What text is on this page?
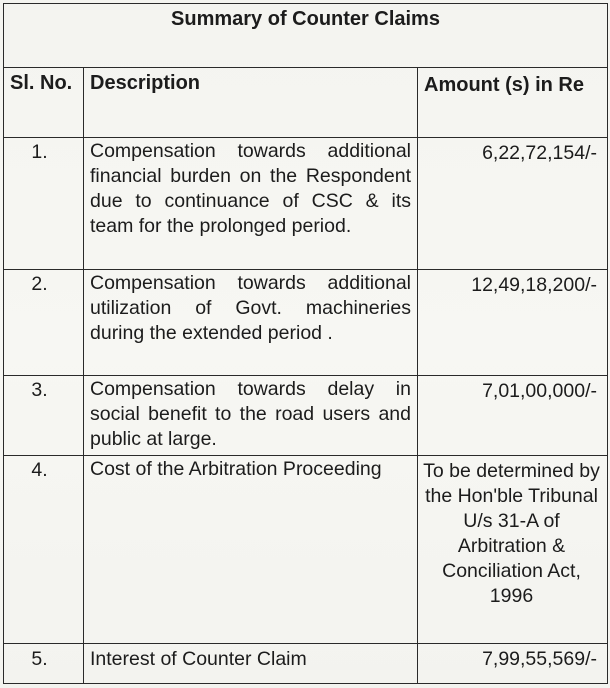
Summary of Counter Claims		
Sl. No.	Description	Amount (s) in Re
1.	Compensation towards additional financial burden on the Respondent due to continuance of CSC & its team for the prolonged period.	6,22,72,154/-
2.	Compensation towards additional utilization of Govt. machineries during the extended period .	12,49,18,200/-
3.	Compensation towards delay in social benefit to the road users and public at large.	7,01,00,000/-
4.	Cost of the Arbitration Proceeding	To be determined by the Hon'ble Tribunal U/s 31-A of Arbitration & Conciliation Act, 1996
5.	Interest of Counter Claim	7,99,55,569/-
